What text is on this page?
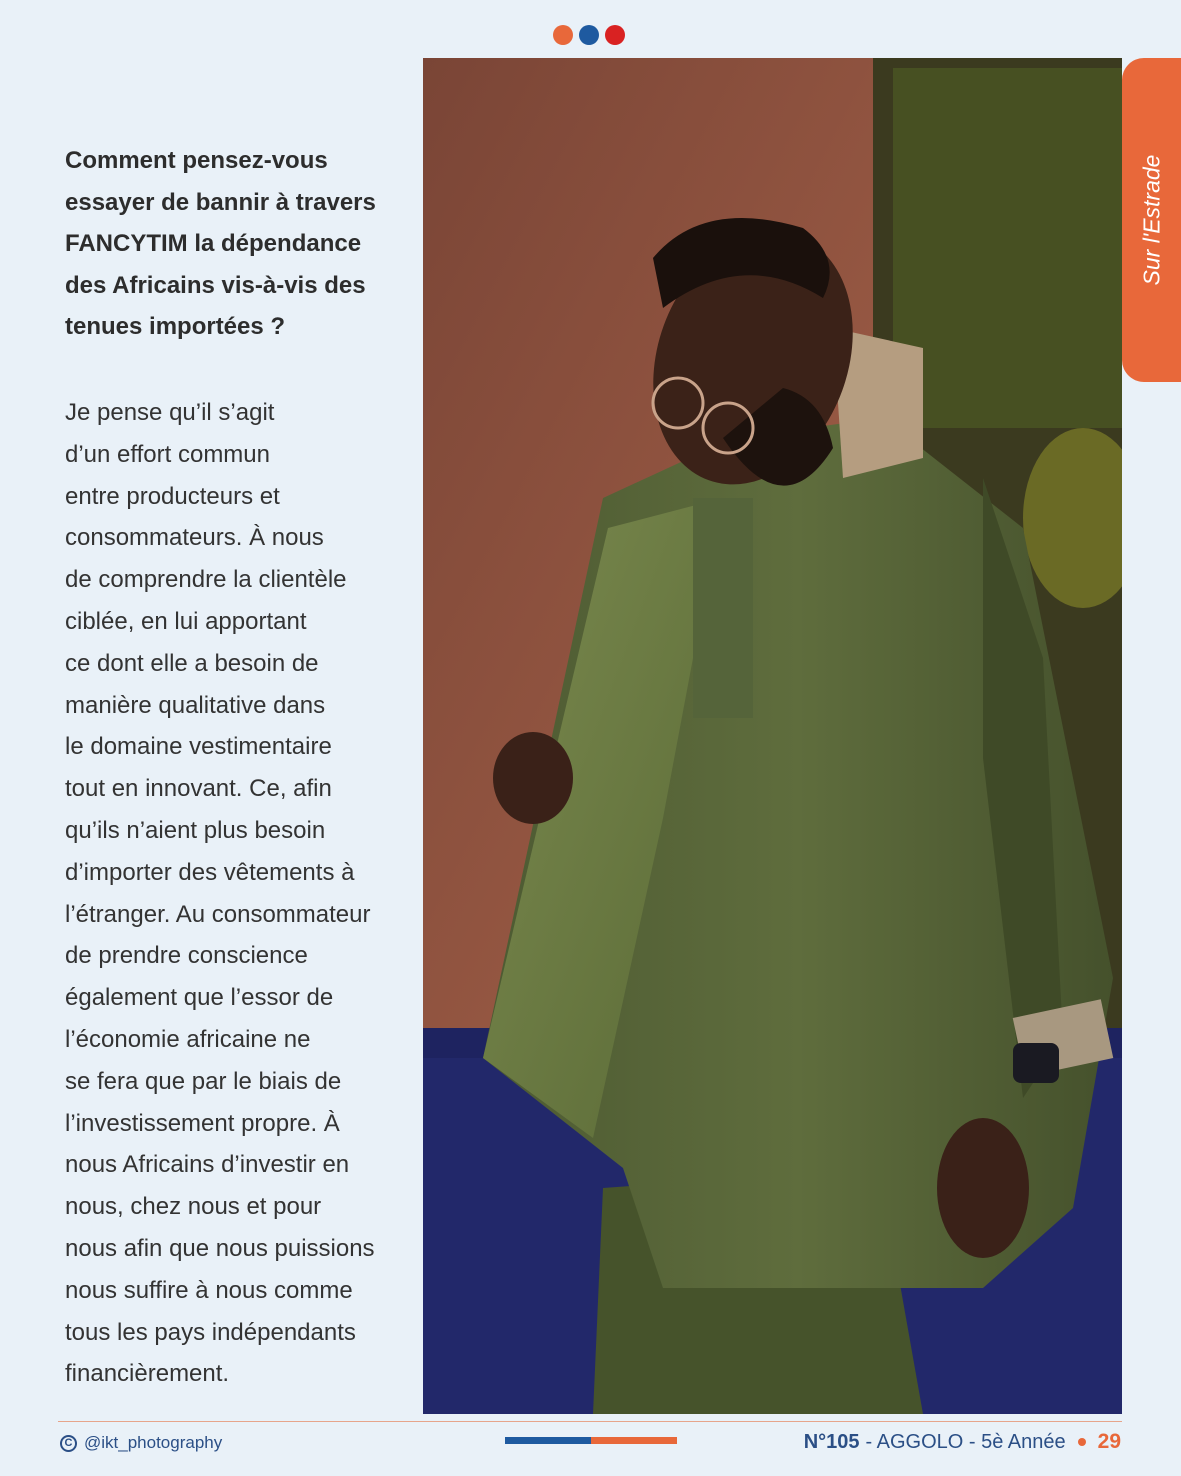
Comment pensez-vous
essayer de bannir à travers
FANCYTIM la dépendance
des Africains vis-à-vis des
tenues importées ?

Je pense qu’il s’agit
d’un effort commun
entre producteurs et
consommateurs. À nous
de comprendre la clientèle
ciblée, en lui apportant
ce dont elle a besoin de
manière qualitative dans
le domaine vestimentaire
tout en innovant. Ce, afin
qu’ils n’aient plus besoin
d’importer des vêtements à
l’étranger. Au consommateur
de prendre conscience
également que l’essor de
l’économie africaine ne
se fera que par le biais de
l’investissement propre. À
nous Africains d’investir en
nous, chez nous et pour
nous afin que nous puissions
nous suffire à nous comme
tous les pays indépendants
financièrement.

Sur l'Estrade
C @ikt_photography	N°105 - AGGOLO - 5è Année 29
